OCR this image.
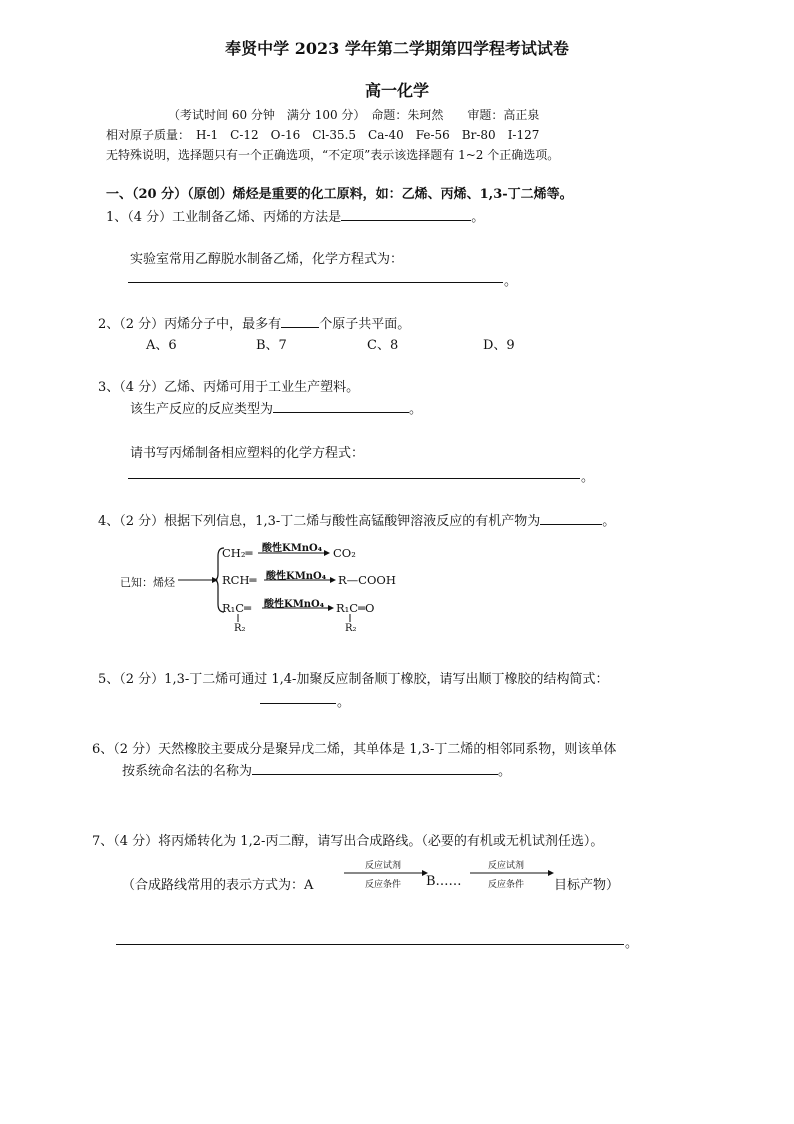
奉贤中学 2023 学年第二学期第四学程考试试卷
高一化学
（考试时间 60 分钟　满分 100 分）　命题：朱珂然　　审题：高正泉
相对原子质量：　H-1　C-12　O-16　Cl-35.5　Ca-40　Fe-56　Br-80　I-127
无特殊说明，选择题只有一个正确选项，“不定项”表示该选择题有 1~2 个正确选项。
一、（20 分）（原创）烯烃是重要的化工原料，如：乙烯、丙烯、1,3-丁二烯等。
1、（4 分）工业制备乙烯、丙烯的方法是	。
实验室常用乙醇脱水制备乙烯，化学方程式为：
。
2、（2 分）丙烯分子中，最多有	个原子共平面。
A、6	B、7	C、8	D、9
3、（4 分）乙烯、丙烯可用于工业生产塑料。
该生产反应的反应类型为	。
请书写丙烯制备相应塑料的化学方程式：
。
4、（2 分）根据下列信息，1,3-丁二烯与酸性高锰酸钾溶液反应的有机产物为	。
已知：烯烃
CH₂═ 酸性KMnO₄ CO₂
RCH═ 酸性KMnO₄ R—COOH
R₁C═ 酸性KMnO₄ R₁C═O
R₂	R₂
5、（2 分）1,3-丁二烯可通过 1,4-加聚反应制备顺丁橡胶，请写出顺丁橡胶的结构简式：
。
6、（2 分）天然橡胶主要成分是聚异戊二烯，其单体是 1,3-丁二烯的相邻同系物，则该单体
按系统命名法的名称为	。
7、（4 分）将丙烯转化为 1,2-丙二醇，请写出合成路线。（必要的有机或无机试剂任选）。
（合成路线常用的表示方式为：A
反应试剂
反应条件 B……
反应试剂
反应条件 目标产物）
。
